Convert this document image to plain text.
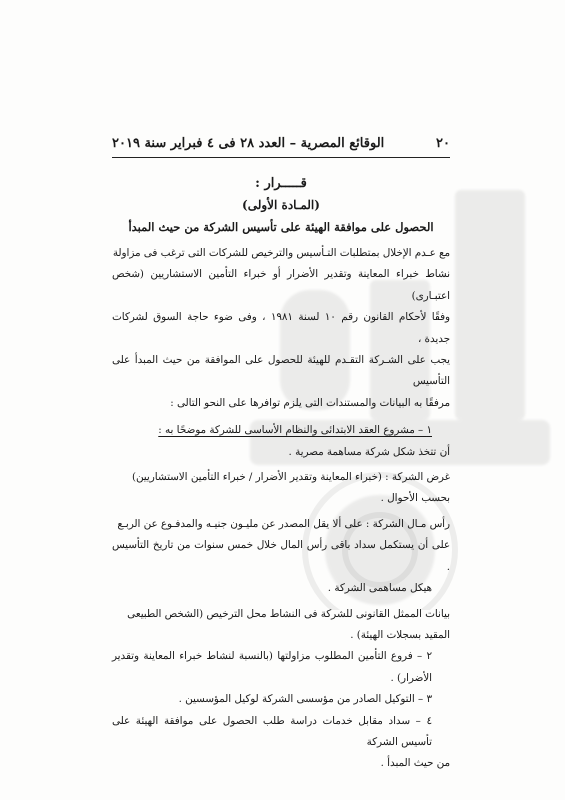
٢٠
الوقائع المصرية – العدد ٢٨ فى ٤ فبراير سنة ٢٠١٩
قـــــرار :
(المـادة الأولى)
الحصول على موافقة الهيئة على تأسيس الشركة من حيث المبدأ

مع عـدم الإخلال بمتطلبات التـأسيس والترخيص للشركات التى ترغب فى مزاولة

نشاط خبراء المعاينة وتقدير الأضرار أو خبراء التأمين الاستشاريين (شخص اعتبـارى)

وفقًا لأحكام القانون رقم ١٠ لسنة ١٩٨١ ، وفى ضوء حاجة السوق لشركات جديدة ،

يجب على الشـركة التقـدم للهيئة للحصول على الموافقة من حيث المبدأ على التأسيس

مرفقًا به البيانات والمستندات التى يلزم توافرها على النحو التالى :

١ – مشروع العقد الابتدائى والنظام الأساسى للشركة موضحًا به :

أن تتخذ شكل شركة مساهمة مصرية .

غرض الشركة : (خبراء المعاينة وتقدير الأضرار / خبراء التأمين الاستشاريين)

بحسب الأحوال .

رأس مـال الشركة : على ألا يقل المصدر عن مليـون جنيـه والمدفـوع عن الربـع

على أن يستكمل سداد باقى رأس المال خلال خمس سنوات من تاريخ التأسيس .

هيكل مساهمى الشركة .

بيانات الممثل القانونى للشركة فى النشاط محل الترخيص (الشخص الطبيعى

المقيد بسجلات الهيئة) .

٢ – فروع التأمين المطلوب مزاولتها (بالنسبة لنشاط خبراء المعاينة وتقدير الأضرار) .

٣ – التوكيل الصادر من مؤسسى الشركة لوكيل المؤسسين .

٤ – سداد مقابل خدمات دراسة طلب الحصول على موافقة الهيئة على تأسيس الشركة

من حيث المبدأ .
